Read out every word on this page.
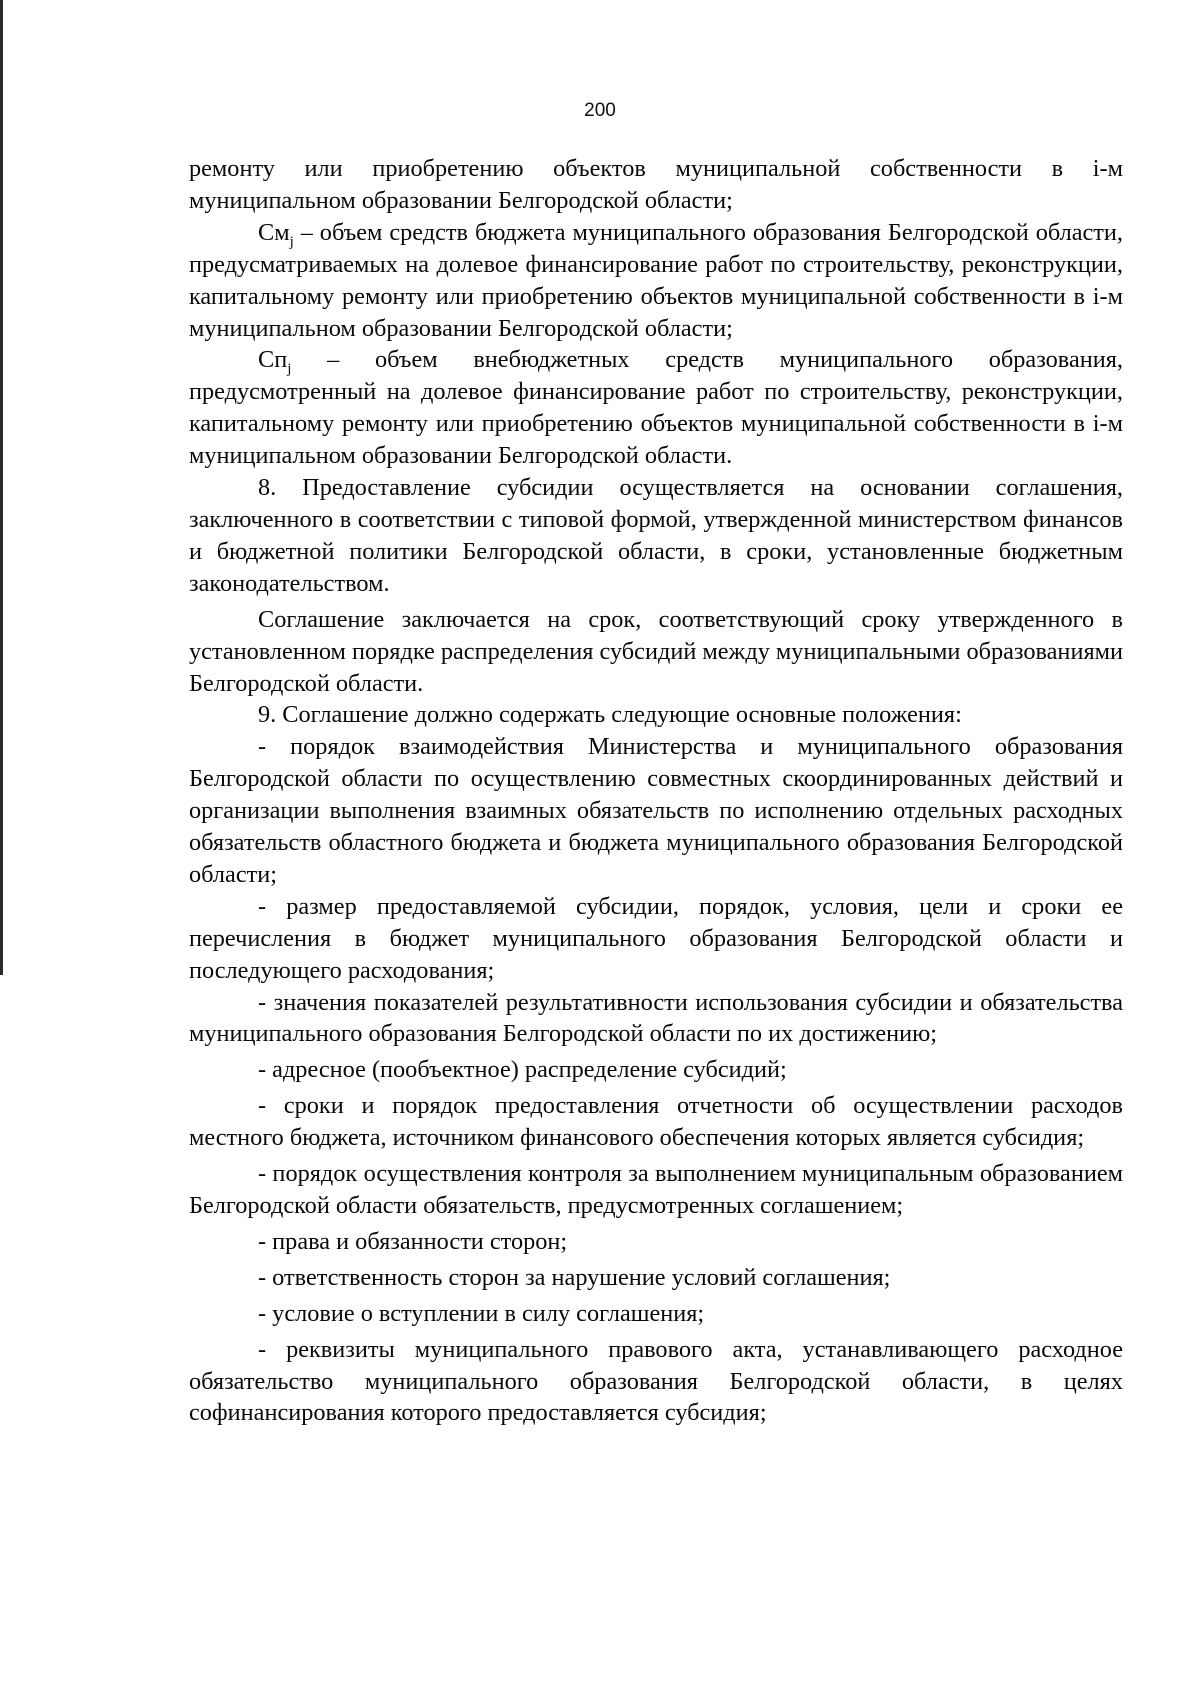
200

ремонту или приобретению объектов муниципальной собственности в i-м муниципальном образовании Белгородской области;

$Cм_j$ – объем средств бюджета муниципального образования Белгородской области, предусматриваемых на долевое финансирование работ по строительству, реконструкции, капитальному ремонту или приобретению объектов муниципальной собственности в i-м муниципальном образовании Белгородской области;

$Cп_j$ – объем внебюджетных средств муниципального образования, предусмотренный на долевое финансирование работ по строительству, реконструкции, капитальному ремонту или приобретению объектов муниципальной собственности в i-м муниципальном образовании Белгородской области.

8. Предоставление субсидии осуществляется на основании соглашения, заключенного в соответствии с типовой формой, утвержденной министерством финансов и бюджетной политики Белгородской области, в сроки, установленные бюджетным законодательством.

Соглашение заключается на срок, соответствующий сроку утвержденного в установленном порядке распределения субсидий между муниципальными образованиями Белгородской области.

9. Соглашение должно содержать следующие основные положения:

- порядок взаимодействия Министерства и муниципального образования Белгородской области по осуществлению совместных скоординированных действий и организации выполнения взаимных обязательств по исполнению отдельных расходных обязательств областного бюджета и бюджета муниципального образования Белгородской области;

- размер предоставляемой субсидии, порядок, условия, цели и сроки ее перечисления в бюджет муниципального образования Белгородской области и последующего расходования;

- значения показателей результативности использования субсидии и обязательства муниципального образования Белгородской области по их достижению;

- адресное (пообъектное) распределение субсидий;

- сроки и порядок предоставления отчетности об осуществлении расходов местного бюджета, источником финансового обеспечения которых является субсидия;

- порядок осуществления контроля за выполнением муниципальным образованием Белгородской области обязательств, предусмотренных соглашением;

- права и обязанности сторон;

- ответственность сторон за нарушение условий соглашения;

- условие о вступлении в силу соглашения;

- реквизиты муниципального правового акта, устанавливающего расходное обязательство муниципального образования Белгородской области, в целях софинансирования которого предоставляется субсидия;
